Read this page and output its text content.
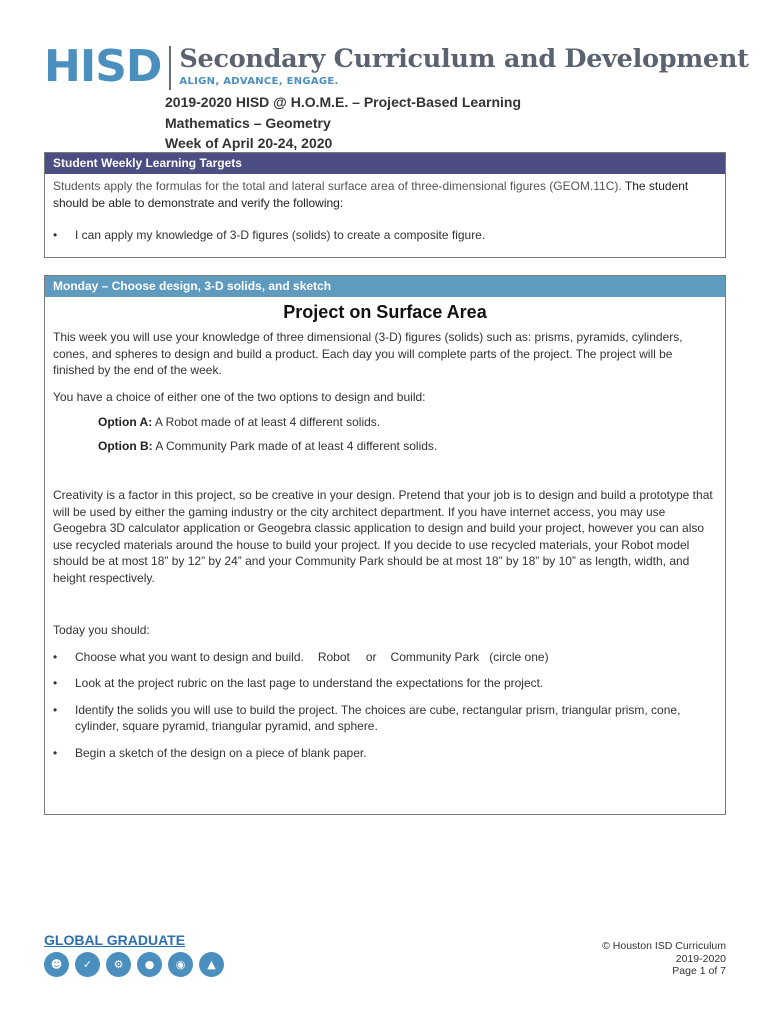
HISD Secondary Curriculum and Development
ALIGN, ADVANCE, ENGAGE.
2019-2020 HISD @ H.O.M.E. – Project-Based Learning
Mathematics – Geometry
Week of April 20-24, 2020
Student Weekly Learning Targets
Students apply the formulas for the total and lateral surface area of three-dimensional figures (GEOM.11C). The student should be able to demonstrate and verify the following:
• I can apply my knowledge of 3-D figures (solids) to create a composite figure.
Monday – Choose design, 3-D solids, and sketch
Project on Surface Area
This week you will use your knowledge of three dimensional (3-D) figures (solids) such as: prisms, pyramids, cylinders, cones, and spheres to design and build a product. Each day you will complete parts of the project. The project will be finished by the end of the week.
You have a choice of either one of the two options to design and build:
Option A: A Robot made of at least 4 different solids.
Option B: A Community Park made of at least 4 different solids.
Creativity is a factor in this project, so be creative in your design. Pretend that your job is to design and build a prototype that will be used by either the gaming industry or the city architect department. If you have internet access, you may use Geogebra 3D calculator application or Geogebra classic application to design and build your project, however you can also use recycled materials around the house to build your project. If you decide to use recycled materials, your Robot model should be at most 18” by 12” by 24” and your Community Park should be at most 18” by 18” by 10” as length, width, and height respectively.
Today you should:
• Choose what you want to design and build. Robot or Community Park (circle one)
• Look at the project rubric on the last page to understand the expectations for the project.
• Identify the solids you will use to build the project. The choices are cube, rectangular prism, triangular prism, cone, cylinder, square pyramid, triangular pyramid, and sphere.
• Begin a sketch of the design on a piece of blank paper.
GLOBAL GRADUATE
☻	✓	⚙	●	◉	▲
© Houston ISD Curriculum
2019-2020
Page 1 of 7
